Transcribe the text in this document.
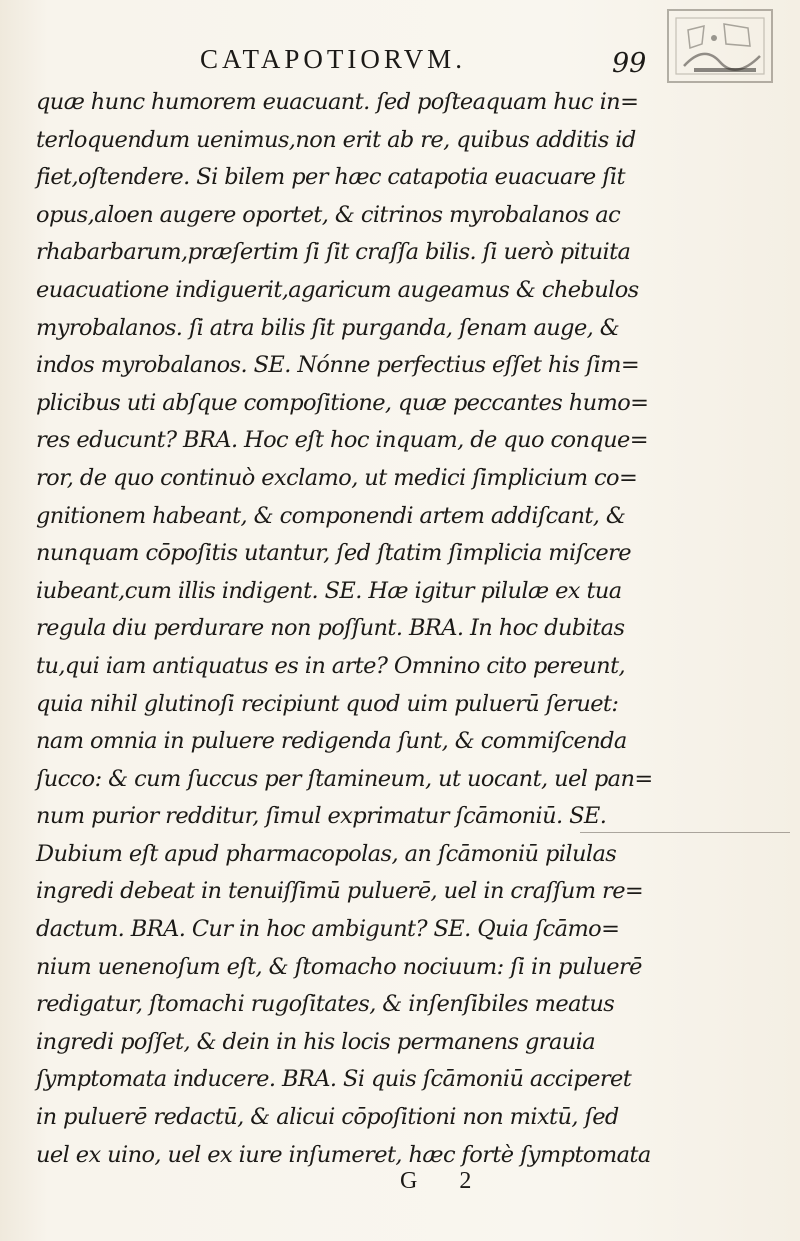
CATAPOTIORVM.	99
quæ hunc humorem euacuant. ſed poſteaquam huc in=
terloquendum uenimus,non erit ab re, quibus additis id
fiet,oſtendere. Si bilem per hæc catapotia euacuare ſit
opus,aloen augere oportet, & citrinos myrobalanos ac
rhabarbarum,præſertim ſi ſit craſſa bilis. ſi uerò pituita
euacuatione indiguerit,agaricum augeamus & chebulos
myrobalanos. ſi atra bilis ſit purganda, ſenam auge, &
indos myrobalanos. SE. Nónne perfectius eſſet his ſim=
plicibus uti abſque compoſitione, quæ peccantes humo=
res educunt? BRA. Hoc eſt hoc inquam, de quo conque=
ror, de quo continuò exclamo, ut medici ſimplicium co=
gnitionem habeant, & componendi artem addiſcant, &
nunquam cōpoſitis utantur, ſed ſtatim ſimplicia miſcere
iubeant,cum illis indigent. SE. Hæ igitur pilulæ ex tua
regula diu perdurare non poſſunt. BRA. In hoc dubitas
tu,qui iam antiquatus es in arte? Omnino cito pereunt,
quia nihil glutinoſi recipiunt quod uim puluerū ſeruet:
nam omnia in puluere redigenda ſunt, & commiſcenda
ſucco: & cum ſuccus per ſtamineum, ut uocant, uel pan=
num purior redditur, ſimul exprimatur ſcāmoniū. SE.
Dubium eſt apud pharmacopolas, an ſcāmoniū pilulas
ingredi debeat in tenuiſſimū puluerē, uel in craſſum re=
dactum. BRA. Cur in hoc ambigunt? SE. Quia ſcāmo=
nium uenenoſum eſt, & ſtomacho nociuum: ſi in puluerē
redigatur, ſtomachi rugoſitates, & inſenſibiles meatus
ingredi poſſet, & dein in his locis permanens grauia
ſymptomata inducere. BRA. Si quis ſcāmoniū acciperet
in puluerē redactū, & alicui cōpoſitioni non mixtū, ſed
uel ex uino, uel ex iure inſumeret, hæc fortè ſymptomata
G 2
